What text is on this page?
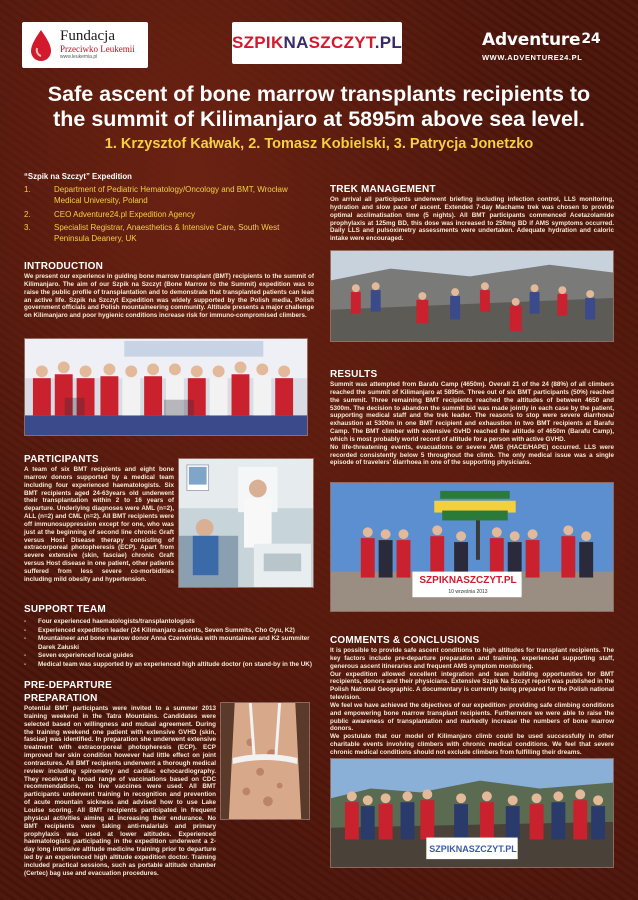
Fundacja
Przeciwko Leukemii
www.leukemia.pl
SZPIKNASZCZYT.PL	Adventure24
WWW.ADVENTURE24.PL
Safe ascent of bone marrow transplants recipients to
the summit of Kilimanjaro at 5895m above sea level.
1. Krzysztof Kałwak, 2. Tomasz Kobielski, 3. Patrycja Jonetzko
“Szpik na Szczyt” Expedition
1.	Department of Pediatric Hematology/Oncology and BMT, Wrocław Medical University, Poland
2.	CEO Adventure24.pl Expedition Agency
3.	Specialist Registrar, Anaesthetics & Intensive Care, South West Peninsula Deanery, UK
INTRODUCTION
We present our experience in guiding bone marrow transplant (BMT) recipients to the summit of Kilimanjaro. The aim of our Szpik na Szczyt (Bone Marrow to the Summit) expedition was to raise the public profile of transplantation and to demonstrate that transplanted patients can lead an active life. Szpik na Szczyt Expedition was widely supported by the Polish media, Polish government officials and Polish mountaineering community. Altitude presents a major challenge on Kilimanjaro and poor hygienic conditions increase risk for immuno-compromised climbers.
PARTICIPANTS
A team of six BMT recipients and eight bone marrow donors supported by a medical team including four experienced haematologists. Six BMT recipients aged 24-63years old underwent their transplantation within 2 to 16 years of departure. Underlying diagnoses were AML (n=2), ALL (n=2) and CML (n=2). All BMT recipients were off immunosuppression except for one, who was just at the beginning of second line chronic Graft versus Host Disease therapy consisting of extracorporeal photopheresis (ECP). Apart from severe extensive (skin, fasciae) chronic Graft versus Host disease in one patient, other patients suffered from less severe co-morbidities including mild obesity and hypertension.
SUPPORT TEAM
-	Four experienced haematologists/transplantologists
-	Experienced expedition leader (24 Kilimanjaro ascents, Seven Summits, Cho Oyu, K2)
-	Mountaineer and bone marrow donor Anna Czerwińska with mountaineer and K2 summiter Darek Załuski
-	Seven experienced local guides
-	Medical team was supported by an experienced high altitude doctor (on stand-by in the UK)
PRE-DEPARTURE
PREPARATION
Potential BMT participants were invited to a summer 2013 training weekend in the Tatra Mountains. Candidates were selected based on willingness and mutual agreement. During the training weekend one patient with extensive GVHD (skin, fasciae) was identified. In preparation she underwent extensive treatment with extracorporeal photopheresis (ECP). ECP improved her skin condition however had little effect on joint contractures. All BMT recipients underwent a thorough medical review including spirometry and cardiac echocardiography. They received a broad range of vaccinations based on CDC recommendations, no live vaccines were used. All BMT participants underwent training in recognition and prevention of acute mountain sickness and advised how to use Lake Louise scoring. All BMT recipients participated in frequent physical activities aiming at increasing their endurance. No BMT recipients were taking anti-malarials and primary prophylaxis was used at lower altitudes. Experienced haematologists participating in the expedition underwent a 2-day long intensive altitude medicine training prior to departure led by an experienced high altitude expedition doctor. Training included practical sessions, such as portable altitude chamber (Certec) bag use and evacuation procedures.
TREK MANAGEMENT
On arrival all participants underwent briefing including infection control, LLS monitoring, hydration and slow pace of ascent. Extended 7-day Machame trek was chosen to provide optimal acclimatisation time (5 nights). All BMT participants commenced Acetazolamide prophylaxis at 125mg BD, this dose was increased to 250mg BD if AMS symptoms occurred. Daily LLS and pulsoximetry assessments were undertaken. Adequate hydration and caloric intake were encouraged.
RESULTS

Summit was attempted from Barafu Camp (4650m). Overall 21 of the 24 (88%) of all climbers reached the summit of Kilimanjaro at 5895m. Three out of six BMT participants (50%) reached the summit. Three remaining BMT recipients reached the altitudes of between 4650 and 5300m. The decision to abandon the summit bid was made jointly in each case by the patient, supporting medical staff and the trek leader. The reasons to stop were severe diarrhoea/ exhaustion at 5300m in one BMT recipient and exhaustion in two BMT recipients at Barafu Camp. The BMT climber with extensive GvHD reached the altitude of 4650m (Barafu Camp), which is most probably world record of altitude for a person with active GVHD.

No life-threatening events, evacuations or severe AMS (HACE/HAPE) occurred. LLS were recorded consistently below 5 throughout the climb. The only medical issue was a single episode of travelers' diarrhoea in one of the supporting physicians.

SZPIKNASZCZYT.PL
10 września 2013
COMMENTS & CONCLUSIONS

It is possible to provide safe ascent conditions to high altitudes for transplant recipients. The key factors include pre-departure preparation and training, experienced supporting staff, generous ascent itineraries and frequent AMS symptom monitoring.

Our expedition allowed excellent integration and team building opportunities for BMT recipients, donors and their physicians. Extensive Szpik Na Szczyt report was published in the Polish National Geographic. A documentary is currently being prepared for the Polish national television.

We feel we have achieved the objectives of our expedition- providing safe climbing conditions and empowering bone marrow transplant recipients. Furthermore we were able to raise the public awareness of transplantation and markedly increase the numbers of bone marrow donors.

We postulate that our model of Kilimanjaro climb could be used successfully in other charitable events involving climbers with chronic medical conditions. We feel that severe chronic medical conditions should not exclude climbers from fulfilling their dreams.

SZPIKNASZCZYT.PL
